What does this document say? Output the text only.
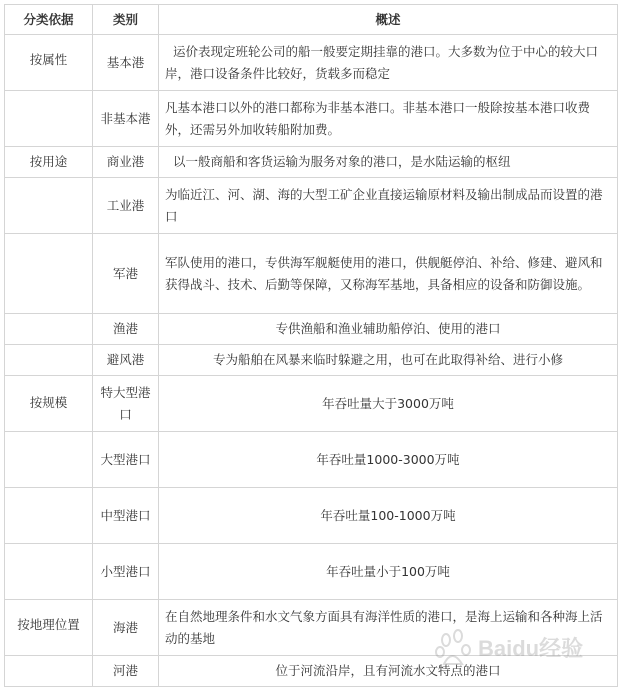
分类依据	类别	概述
按属性	基本港	运价表现定班轮公司的船一般要定期挂靠的港口。大多数为位于中心的较大口岸，港口设备条件比较好，货载多而稳定
	非基本港	凡基本港口以外的港口都称为非基本港口。非基本港口一般除按基本港口收费外，还需另外加收转船附加费。
按用途	商业港	以一般商船和客货运输为服务对象的港口，是水陆运输的枢纽
	工业港	为临近江、河、湖、海的大型工矿企业直接运输原材料及输出制成品而设置的港口
	军港	军队使用的港口，专供海军舰艇使用的港口，供舰艇停泊、补给、修建、避风和获得战斗、技术、后勤等保障，又称海军基地，具备相应的设备和防御设施。
	渔港	专供渔船和渔业辅助船停泊、使用的港口
	避风港	专为船舶在风暴来临时躲避之用，也可在此取得补给、进行小修
按规模	特大型港口	年吞吐量大于3000万吨
	大型港口	年吞吐量1000-3000万吨
	中型港口	年吞吐量100-1000万吨
	小型港口	年吞吐量小于100万吨
按地理位置	海港	在自然地理条件和水文气象方面具有海洋性质的港口，是海上运输和各种海上活动的基地
	河港	位于河流沿岸，且有河流水文特点的港口
Baidu经验
